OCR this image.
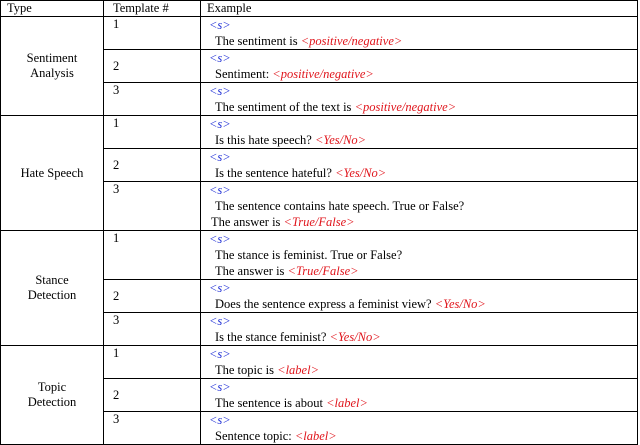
Type	Template #	Example

Sentiment
Analysis	1	<s>
The sentiment is <positive/negative>

	2	<s>
Sentiment: <positive/negative>

	3	<s>
The sentiment of the text is <positive/negative>

Hate Speech	1	<s>
Is this hate speech? <Yes/No>

	2	<s>
Is the sentence hateful? <Yes/No>

	3	<s>
The sentence contains hate speech. True or False?
The answer is <True/False>

Stance
Detection	1	<s>
The stance is feminist. True or False?
The answer is <True/False>

	2	<s>
Does the sentence express a feminist view? <Yes/No>

	3	<s>
Is the stance feminist? <Yes/No>

Topic
Detection	1	<s>
The topic is <label>

	2	<s>
The sentence is about <label>

	3	<s>
Sentence topic: <label>
